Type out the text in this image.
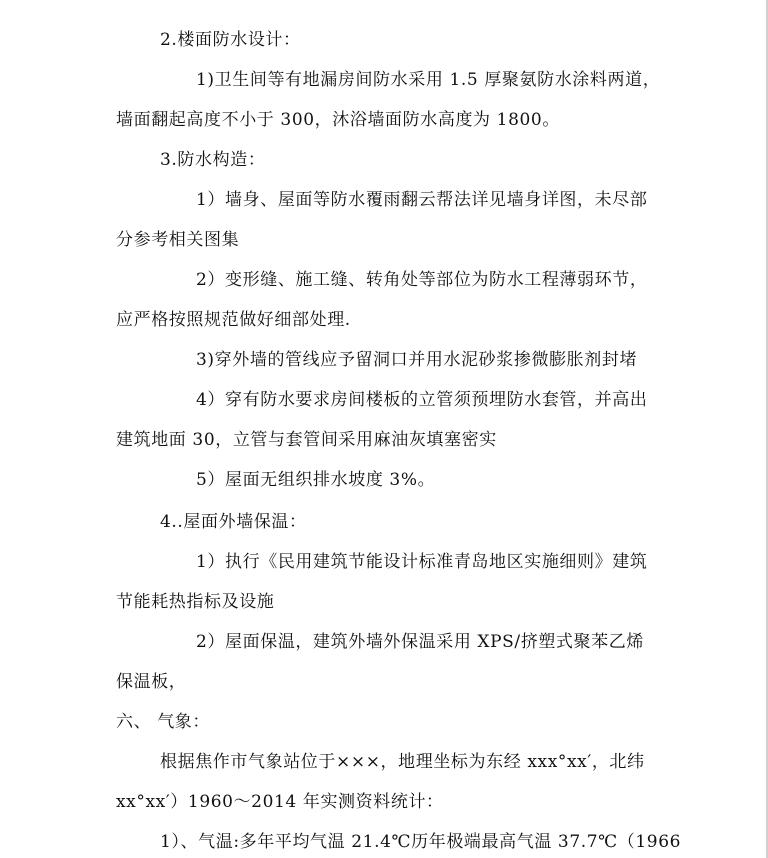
2.楼面防水设计：
1)卫生间等有地漏房间防水采用 1.5 厚聚氨防水涂料两道，
墙面翻起高度不小于 300，沐浴墙面防水高度为 1800。
3.防水构造：
1）墙身、屋面等防水覆雨翻云帮法详见墙身详图，未尽部
分参考相关图集
2）变形缝、施工缝、转角处等部位为防水工程薄弱环节，
应严格按照规范做好细部处理.
3)穿外墙的管线应予留洞口并用水泥砂浆掺微膨胀剂封堵
4）穿有防水要求房间楼板的立管须预埋防水套管，并高出
建筑地面 30，立管与套管间采用麻油灰填塞密实
5）屋面无组织排水坡度 3%。
4..屋面外墙保温：
1）执行《民用建筑节能设计标准青岛地区实施细则》建筑
节能耗热指标及设施
2）屋面保温，建筑外墙外保温采用 XPS/挤塑式聚苯乙烯
保温板，
六、 气象：
根据焦作市气象站位于×××，地理坐标为东经 xxx°xx′，北纬
xx°xx′）1960～2014 年实测资料统计：
1）、气温:多年平均气温 21.4℃历年极端最高气温 37.7℃（1966
